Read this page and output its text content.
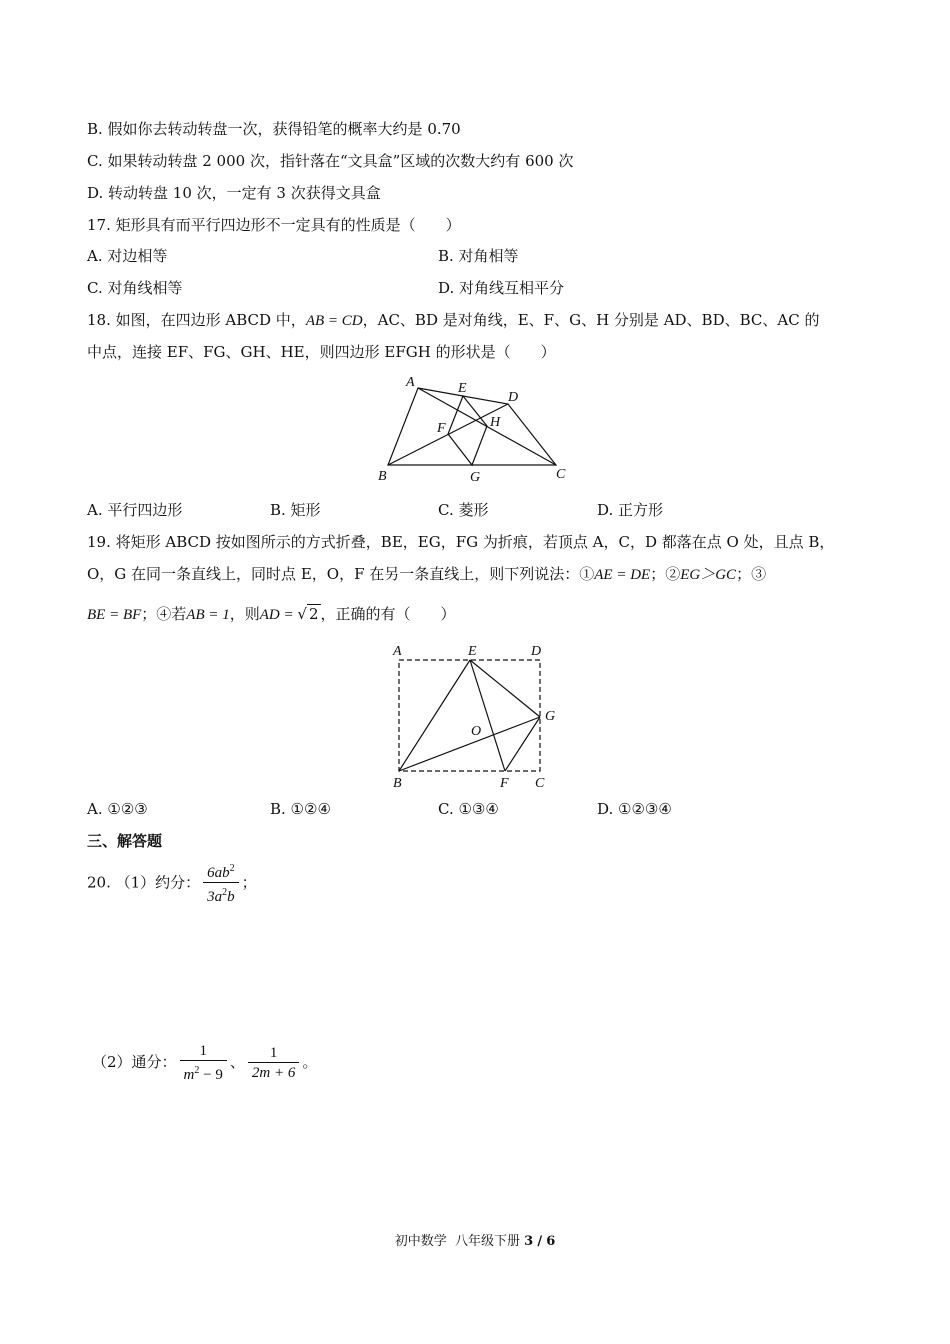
B. 假如你去转动转盘一次，获得铅笔的概率大约是 0.70
C. 如果转动转盘 2 000 次，指针落在“文具盒”区域的次数大约有 600 次
D. 转动转盘 10 次，一定有 3 次获得文具盒
17. 矩形具有而平行四边形不一定具有的性质是（　　）
A. 对边相等	B. 对角相等
C. 对角线相等	D. 对角线互相平分
18. 如图，在四边形 ABCD 中，AB = CD，AC、BD 是对角线，E、F、G、H 分别是 AD、BD、BC、AC 的
中点，连接 EF、FG、GH、HE，则四边形 EFGH 的形状是（　　）
A
B	C
D
E
F
G
H
A. 平行四边形	B. 矩形	C. 菱形	D. 正方形
19. 将矩形 ABCD 按如图所示的方式折叠，BE，EG，FG 为折痕，若顶点 A，C，D 都落在点 O 处，且点 B，
O，G 在同一条直线上，同时点 E，O，F 在另一条直线上，则下列说法：①AE = DE；②EG＞GC；③
BE = BF；④若AB = 1，则AD = √ 2 ，正确的有（　　）
A
B	C
D
E
F
G
O
A. ①②③	B. ①②④	C. ①③④	D. ①②③④
三、解答题
20. （1）约分： $\frac{6ab^2}{3a^2b}$ ；
（2）通分： $\frac{1}{m^2 - 9}$ 、 $\frac{1}{2m + 6}$ 。
初中数学 八年级下册 3 / 6
